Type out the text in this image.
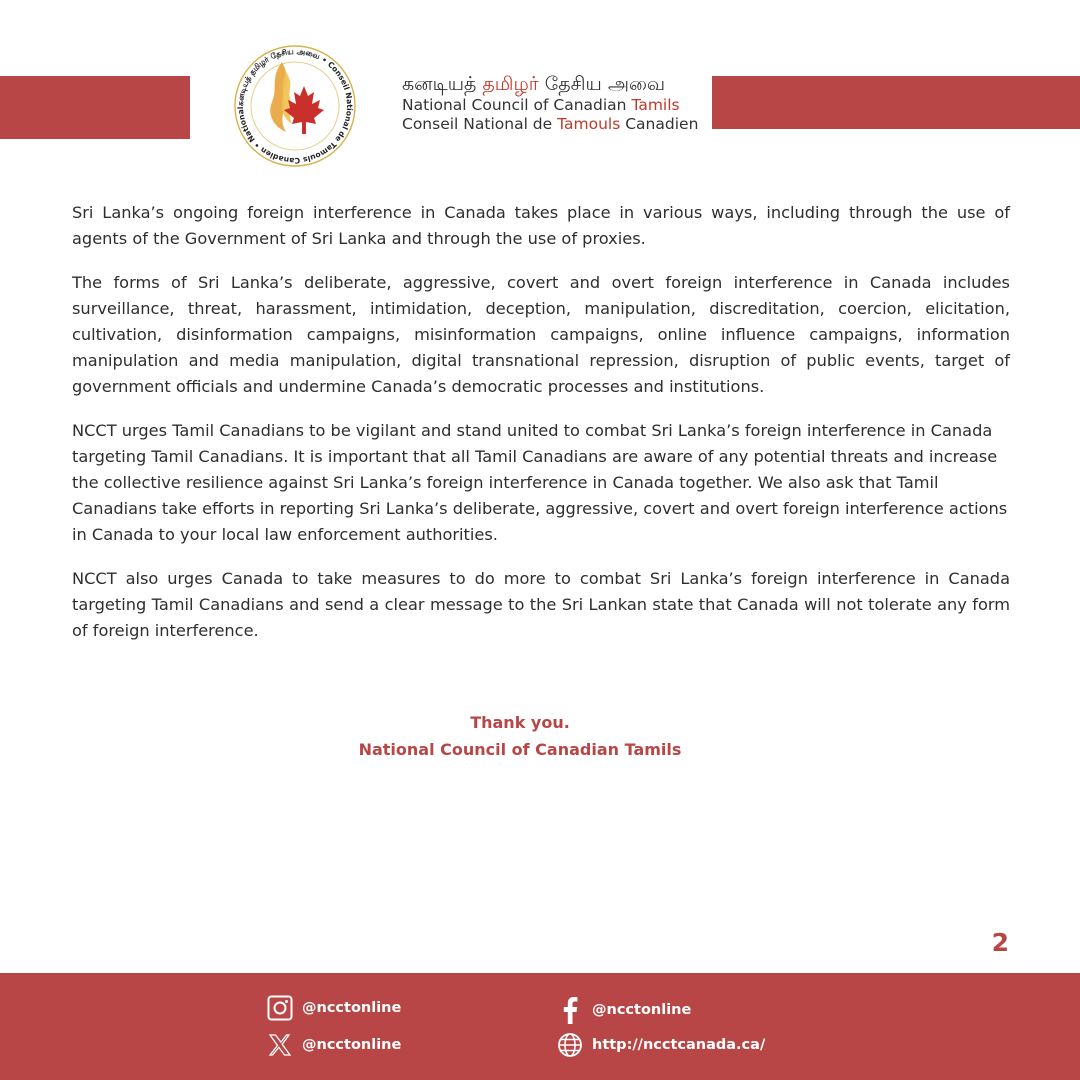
கனடியத் தமிழர் தேசிய அவை • Conseil National de Tamouls Canadien • National
கனடியத் தமிழர் தேசிய அவை
National Council of Canadian Tamils
Conseil National de Tamouls Canadien

Sri Lanka’s ongoing foreign interference in Canada takes place in various ways, including through the use of agents of the Government of Sri Lanka and through the use of proxies.

The forms of Sri Lanka’s deliberate, aggressive, covert and overt foreign interference in Canada includes surveillance, threat, harassment, intimidation, deception, manipulation, discreditation, coercion, elicitation, cultivation, disinformation campaigns, misinformation campaigns, online influence campaigns, information manipulation and media manipulation, digital transnational repression, disruption of public events, target of government officials and undermine Canada’s democratic processes and institutions.

NCCT urges Tamil Canadians to be vigilant and stand united to combat Sri Lanka’s foreign interference in Canada targeting Tamil Canadians. It is important that all Tamil Canadians are aware of any potential threats and increase the collective resilience against Sri Lanka’s foreign interference in Canada together. We also ask that Tamil Canadians take efforts in reporting Sri Lanka’s deliberate, aggressive, covert and overt foreign interference actions in Canada to your local law enforcement authorities.

NCCT also urges Canada to take measures to do more to combat Sri Lanka’s foreign interference in Canada targeting Tamil Canadians and send a clear message to the Sri Lankan state that Canada will not tolerate any form of foreign interference.

Thank you.
National Council of Canadian Tamils
2
@ncctonline
@ncctonline
@ncctonline
http://ncctcanada.ca/
